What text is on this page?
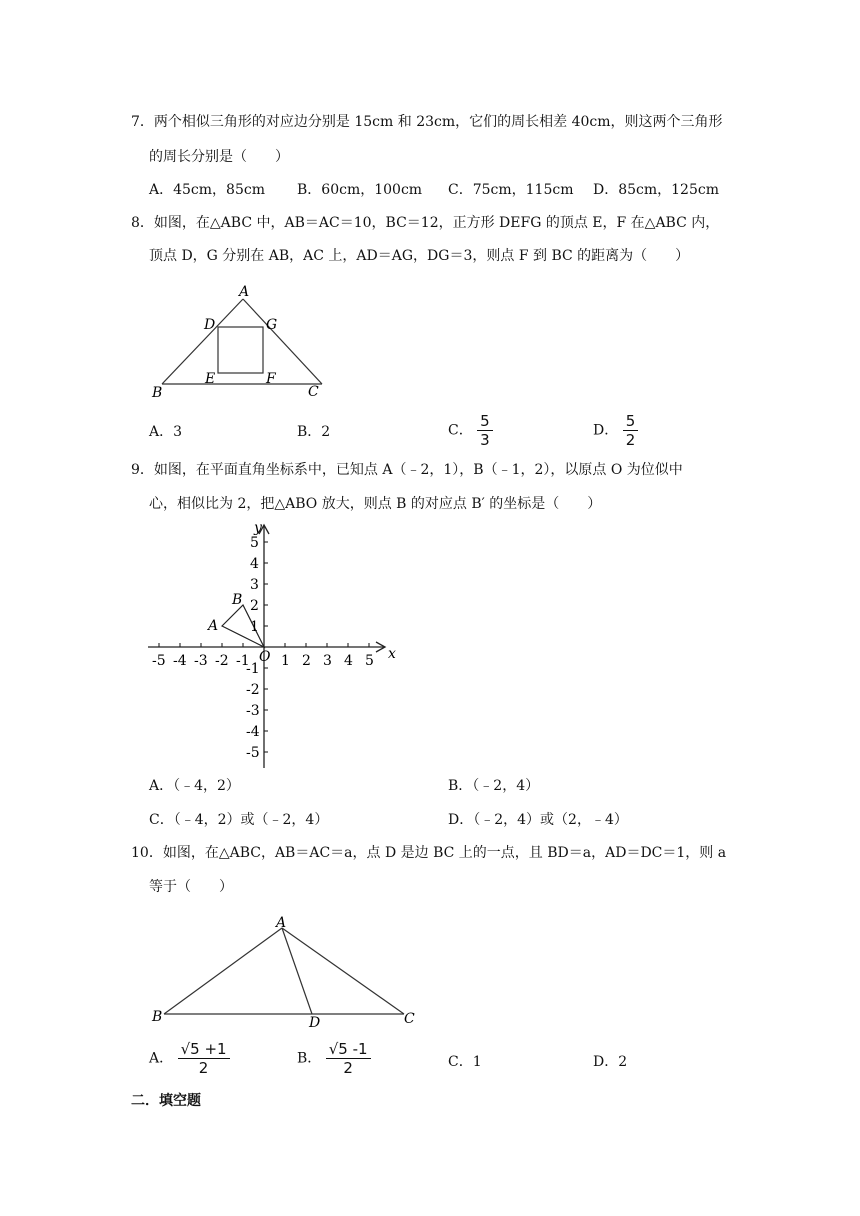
7．两个相似三角形的对应边分别是 15cm 和 23cm，它们的周长相差 40cm，则这两个三角形
的周长分别是（　　）
A．45cm，85cm B．60cm，100cm C．75cm，115cm D．85cm，125cm
8．如图，在△ABC 中，AB＝AC＝10，BC＝12，正方形 DEFG 的顶点 E，F 在△ABC 内，
顶点 D，G 分别在 AB，AC 上，AD＝AG，DG＝3，则点 F 到 BC 的距离为（　　）
A
B	C
D
E	F
G
A．3	B．2	C． $\frac{5}{3}$	D． $\frac{5}{2}$
9．如图，在平面直角坐标系中，已知点 A（﹣2，1），B（﹣1，2），以原点 O 为位似中
心，相似比为 2，把△ABO 放大，则点 B 的对应点 B′ 的坐标是（　　）
x
y
O
A
B
-5 -4 -3 -2 -1 1 2 3 4 5
1
2
3
4
5
-1
-2
-3
-4
-5
A．（﹣4，2）	B．（﹣2，4）
C．（﹣4，2）或（﹣2，4）	D．（﹣2，4）或（2，﹣4）
10．如图，在△ABC，AB＝AC＝a，点 D 是边 BC 上的一点，且 BD＝a，AD＝DC＝1，则 a
等于（　　）
A
B	C
D
A． $\frac{√5 +1}{2}$	B． $\frac{√5 -1}{2}$	C．1	D．2
二．填空题
